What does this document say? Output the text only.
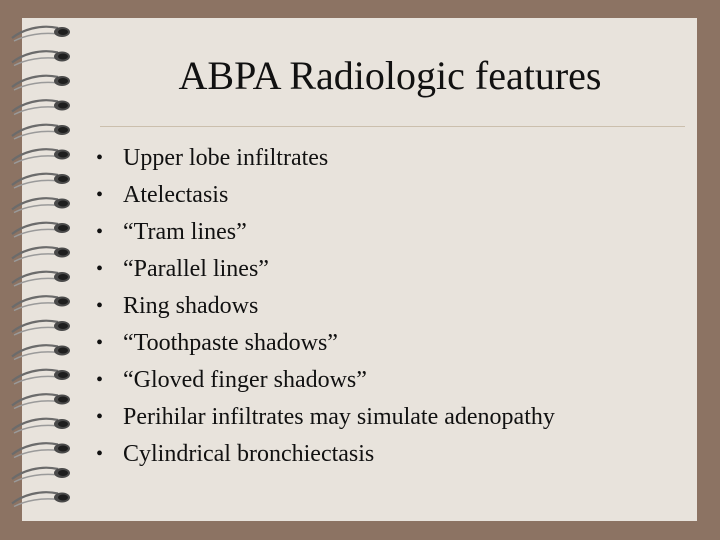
ABPA Radiologic features
• Upper lobe infiltrates
• Atelectasis
• “Tram lines”
• “Parallel lines”
• Ring shadows
• “Toothpaste shadows”
• “Gloved finger shadows”
• Perihilar infiltrates may simulate adenopathy
• Cylindrical bronchiectasis
